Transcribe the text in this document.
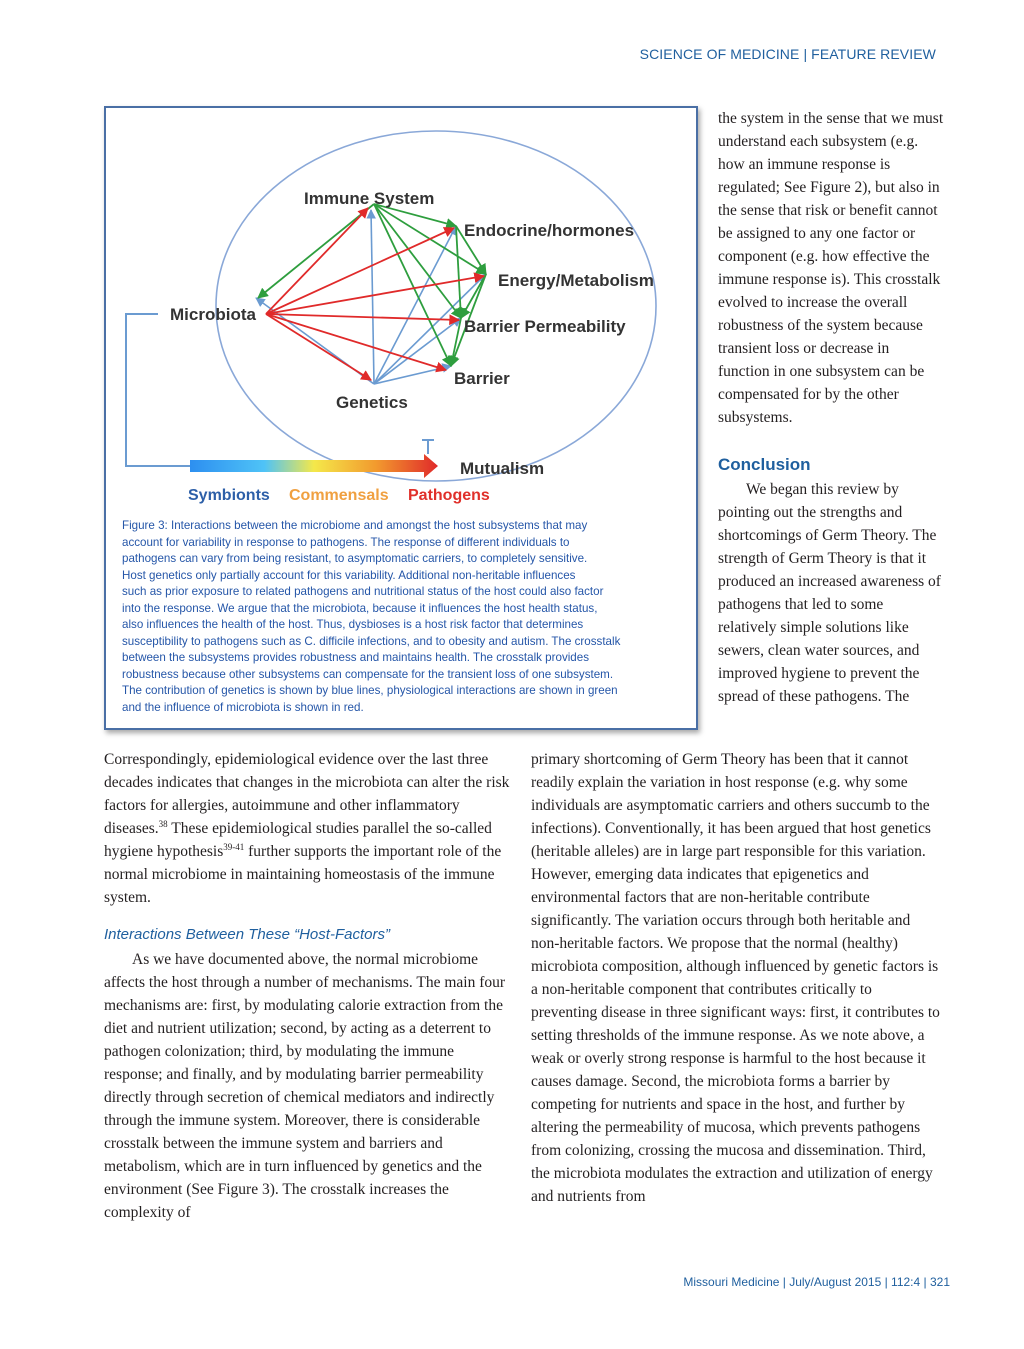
SCIENCE OF MEDICINE | FEATURE REVIEW
Immune System
Endocrine/hormones
Energy/Metabolism
Microbiota
Barrier Permeability
Barrier
Genetics
Mutualism
Symbionts Commensals Pathogens
Figure 3: Interactions between the microbiome and amongst the host subsystems that may
account for variability in response to pathogens. The response of different individuals to
pathogens can vary from being resistant, to asymptomatic carriers, to completely sensitive.
Host genetics only partially account for this variability. Additional non-heritable influences
such as prior exposure to related pathogens and nutritional status of the host could also factor
into the response. We argue that the microbiota, because it influences the host health status,
also influences the health of the host. Thus, dysbioses is a host risk factor that determines
susceptibility to pathogens such as C. difficile infections, and to obesity and autism. The crosstalk
between the subsystems provides robustness and maintains health. The crosstalk provides
robustness because other subsystems can compensate for the transient loss of one subsystem.
The contribution of genetics is shown by blue lines, physiological interactions are shown in green
and the influence of microbiota is shown in red.

the system in the sense that we must understand each subsystem (e.g. how an immune response is regulated; See Figure 2), but also in the sense that risk or benefit cannot be assigned to any one factor or component (e.g. how effective the immune response is). This crosstalk evolved to increase the overall robustness of the system because transient loss or decrease in function in one subsystem can be compensated for by the other subsystems.

Conclusion

We began this review by pointing out the strengths and shortcomings of Germ Theory. The strength of Germ Theory is that it produced an increased awareness of pathogens that led to some relatively simple solutions like sewers, clean water sources, and improved hygiene to prevent the spread of these pathogens. The

primary shortcoming of Germ Theory has been that it cannot readily explain the variation in host response (e.g. why some individuals are asymptomatic carriers and others succumb to the infections). Conventionally, it has been argued that host genetics (heritable alleles) are in large part responsible for this variation. However, emerging data indicates that epigenetics and environmental factors that are non-heritable contribute significantly. The variation occurs through both heritable and non-heritable factors. We propose that the normal (healthy) microbiota composition, although influenced by genetic factors is a non-heritable component that contributes critically to preventing disease in three significant ways: first, it contributes to setting thresholds of the immune response. As we note above, a weak or overly strong response is harmful to the host because it causes damage. Second, the microbiota forms a barrier by competing for nutrients and space in the host, and further by altering the permeability of mucosa, which prevents pathogens from colonizing, crossing the mucosa and dissemination. Third, the microbiota modulates the extraction and utilization of energy and nutrients from

Correspondingly, epidemiological evidence over the last three decades indicates that changes in the microbiota can alter the risk factors for allergies, autoimmune and other inflammatory diseases.$^{38}$ These epidemiological studies parallel the so-called hygiene hypothesis$^{39-41}$ further supports the important role of the normal microbiome in maintaining homeostasis of the immune system.

Interactions Between These “Host-Factors”

As we have documented above, the normal microbiome affects the host through a number of mechanisms. The main four mechanisms are: first, by modulating calorie extraction from the diet and nutrient utilization; second, by acting as a deterrent to pathogen colonization; third, by modulating the immune response; and finally, and by modulating barrier permeability directly through secretion of chemical mediators and indirectly through the immune system. Moreover, there is considerable crosstalk between the immune system and barriers and metabolism, which are in turn influenced by genetics and the environment (See Figure 3). The crosstalk increases the complexity of

Missouri Medicine | July/August 2015 | 112:4 | 321
